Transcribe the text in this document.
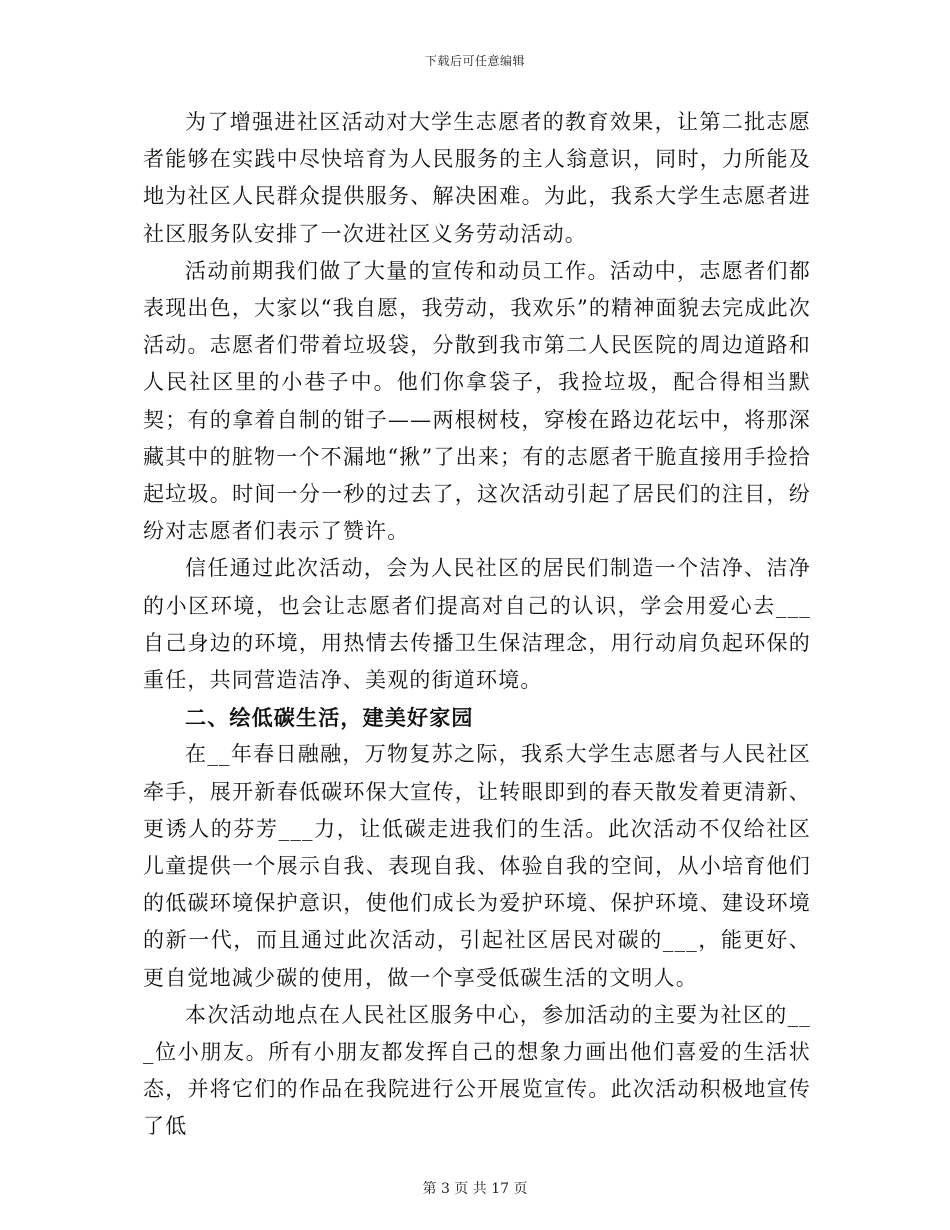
下载后可任意编辑

为了增强进社区活动对大学生志愿者的教育效果，让第二批志愿者能够在实践中尽快培育为人民服务的主人翁意识，同时，力所能及地为社区人民群众提供服务、解决困难。为此，我系大学生志愿者进社区服务队安排了一次进社区义务劳动活动。

活动前期我们做了大量的宣传和动员工作。活动中，志愿者们都表现出色，大家以“我自愿，我劳动，我欢乐”的精神面貌去完成此次活动。志愿者们带着垃圾袋，分散到我市第二人民医院的周边道路和人民社区里的小巷子中。他们你拿袋子，我捡垃圾，配合得相当默契；有的拿着自制的钳子——两根树枝，穿梭在路边花坛中，将那深藏其中的脏物一个不漏地“揪”了出来；有的志愿者干脆直接用手捡拾起垃圾。时间一分一秒的过去了，这次活动引起了居民们的注目，纷纷对志愿者们表示了赞许。

信任通过此次活动，会为人民社区的居民们制造一个洁净、洁净的小区环境，也会让志愿者们提高对自己的认识，学会用爱心去___自己身边的环境，用热情去传播卫生保洁理念，用行动肩负起环保的重任，共同营造洁净、美观的街道环境。

二、绘低碳生活，建美好家园

在__年春日融融，万物复苏之际，我系大学生志愿者与人民社区牵手，展开新春低碳环保大宣传，让转眼即到的春天散发着更清新、更诱人的芬芳___力，让低碳走进我们的生活。此次活动不仅给社区儿童提供一个展示自我、表现自我、体验自我的空间，从小培育他们的低碳环境保护意识，使他们成长为爱护环境、保护环境、建设环境的新一代，而且通过此次活动，引起社区居民对碳的___，能更好、更自觉地减少碳的使用，做一个享受低碳生活的文明人。

本次活动地点在人民社区服务中心，参加活动的主要为社区的___位小朋友。所有小朋友都发挥自己的想象力画出他们喜爱的生活状态，并将它们的作品在我院进行公开展览宣传。此次活动积极地宣传了低

第 3 页 共 17 页
